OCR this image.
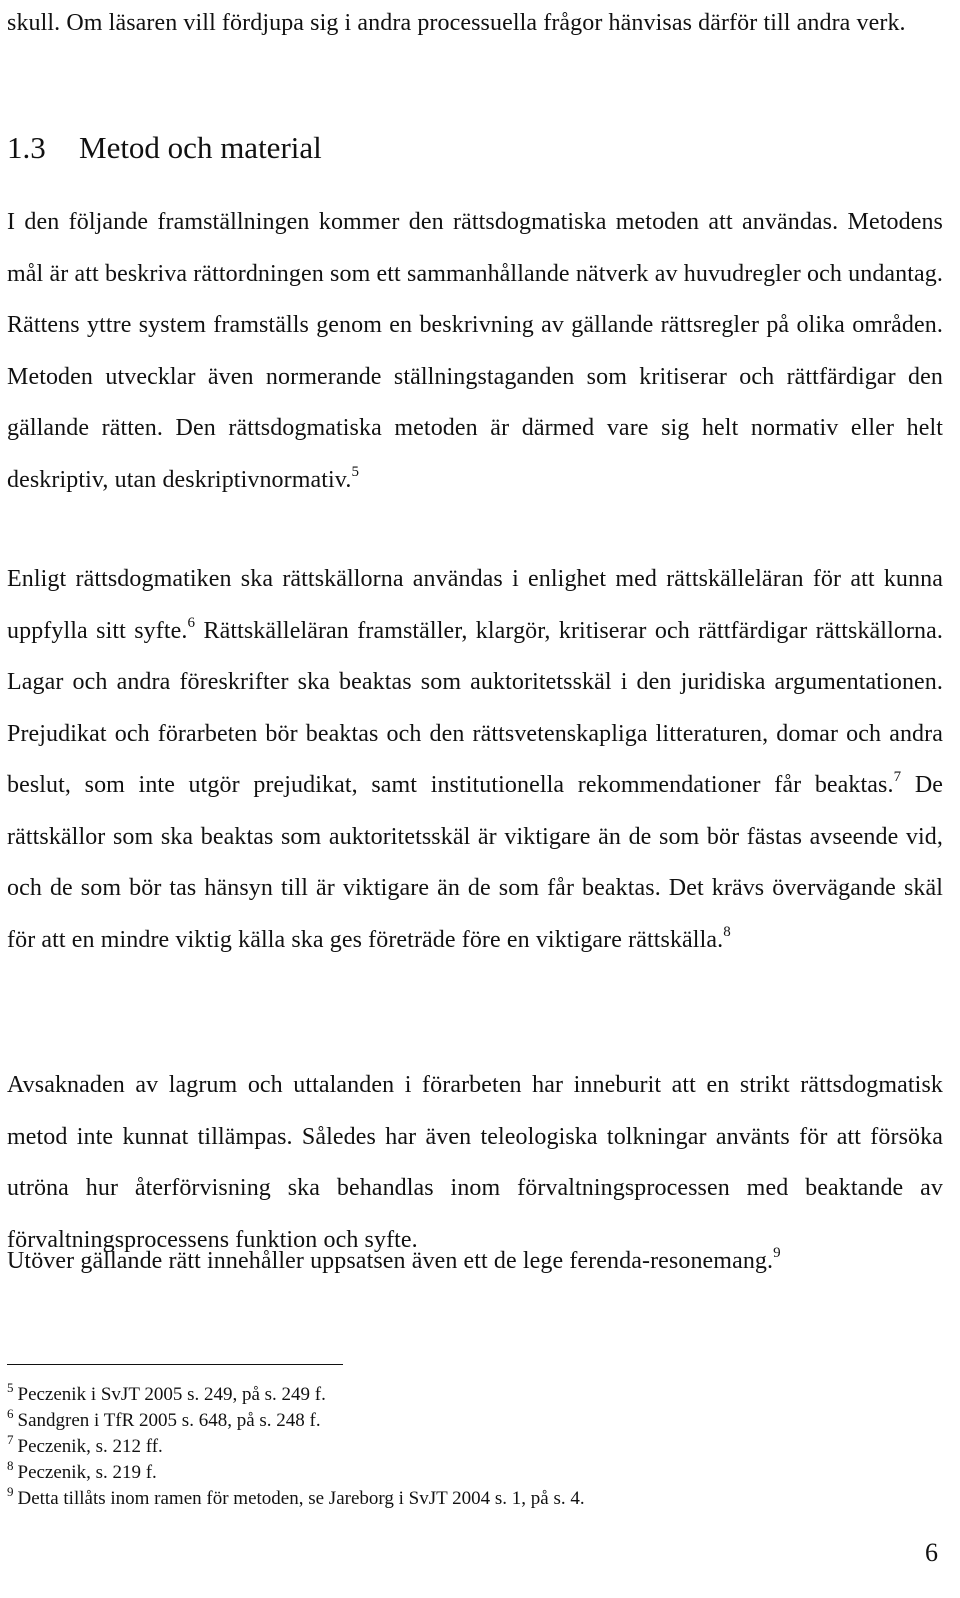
skull. Om läsaren vill fördjupa sig i andra processuella frågor hänvisas därför till andra verk.

1.3 Metod och material

I den följande framställningen kommer den rättsdogmatiska metoden att användas. Metodens mål är att beskriva rättordningen som ett sammanhållande nätverk av huvudregler och undantag. Rättens yttre system framställs genom en beskrivning av gällande rättsregler på olika områden. Metoden utvecklar även normerande ställningstaganden som kritiserar och rättfärdigar den gällande rätten. Den rättsdogmatiska metoden är därmed vare sig helt normativ eller helt deskriptiv, utan deskriptivnormativ.$^5$

Enligt rättsdogmatiken ska rättskällorna användas i enlighet med rättskälleläran för att kunna uppfylla sitt syfte.$^6$ Rättskälleläran framställer, klargör, kritiserar och rättfärdigar rättskällorna. Lagar och andra föreskrifter ska beaktas som auktoritetsskäl i den juridiska argumentationen. Prejudikat och förarbeten bör beaktas och den rättsvetenskapliga litteraturen, domar och andra beslut, som inte utgör prejudikat, samt institutionella rekommendationer får beaktas.$^7$ De rättskällor som ska beaktas som auktoritetsskäl är viktigare än de som bör fästas avseende vid, och de som bör tas hänsyn till är viktigare än de som får beaktas. Det krävs övervägande skäl för att en mindre viktig källa ska ges företräde före en viktigare rättskälla.$^8$

Avsaknaden av lagrum och uttalanden i förarbeten har inneburit att en strikt rättsdogmatisk metod inte kunnat tillämpas. Således har även teleologiska tolkningar använts för att försöka utröna hur återförvisning ska behandlas inom förvaltningsprocessen med beaktande av förvaltningsprocessens funktion och syfte.

Utöver gällande rätt innehåller uppsatsen även ett de lege ferenda-resonemang.$^9$

$^5$ Peczenik i SvJT 2005 s. 249, på s. 249 f.
$^6$ Sandgren i TfR 2005 s. 648, på s. 248 f.
$^7$ Peczenik, s. 212 ff.
$^8$ Peczenik, s. 219 f.
$^9$ Detta tillåts inom ramen för metoden, se Jareborg i SvJT 2004 s. 1, på s. 4.
6
